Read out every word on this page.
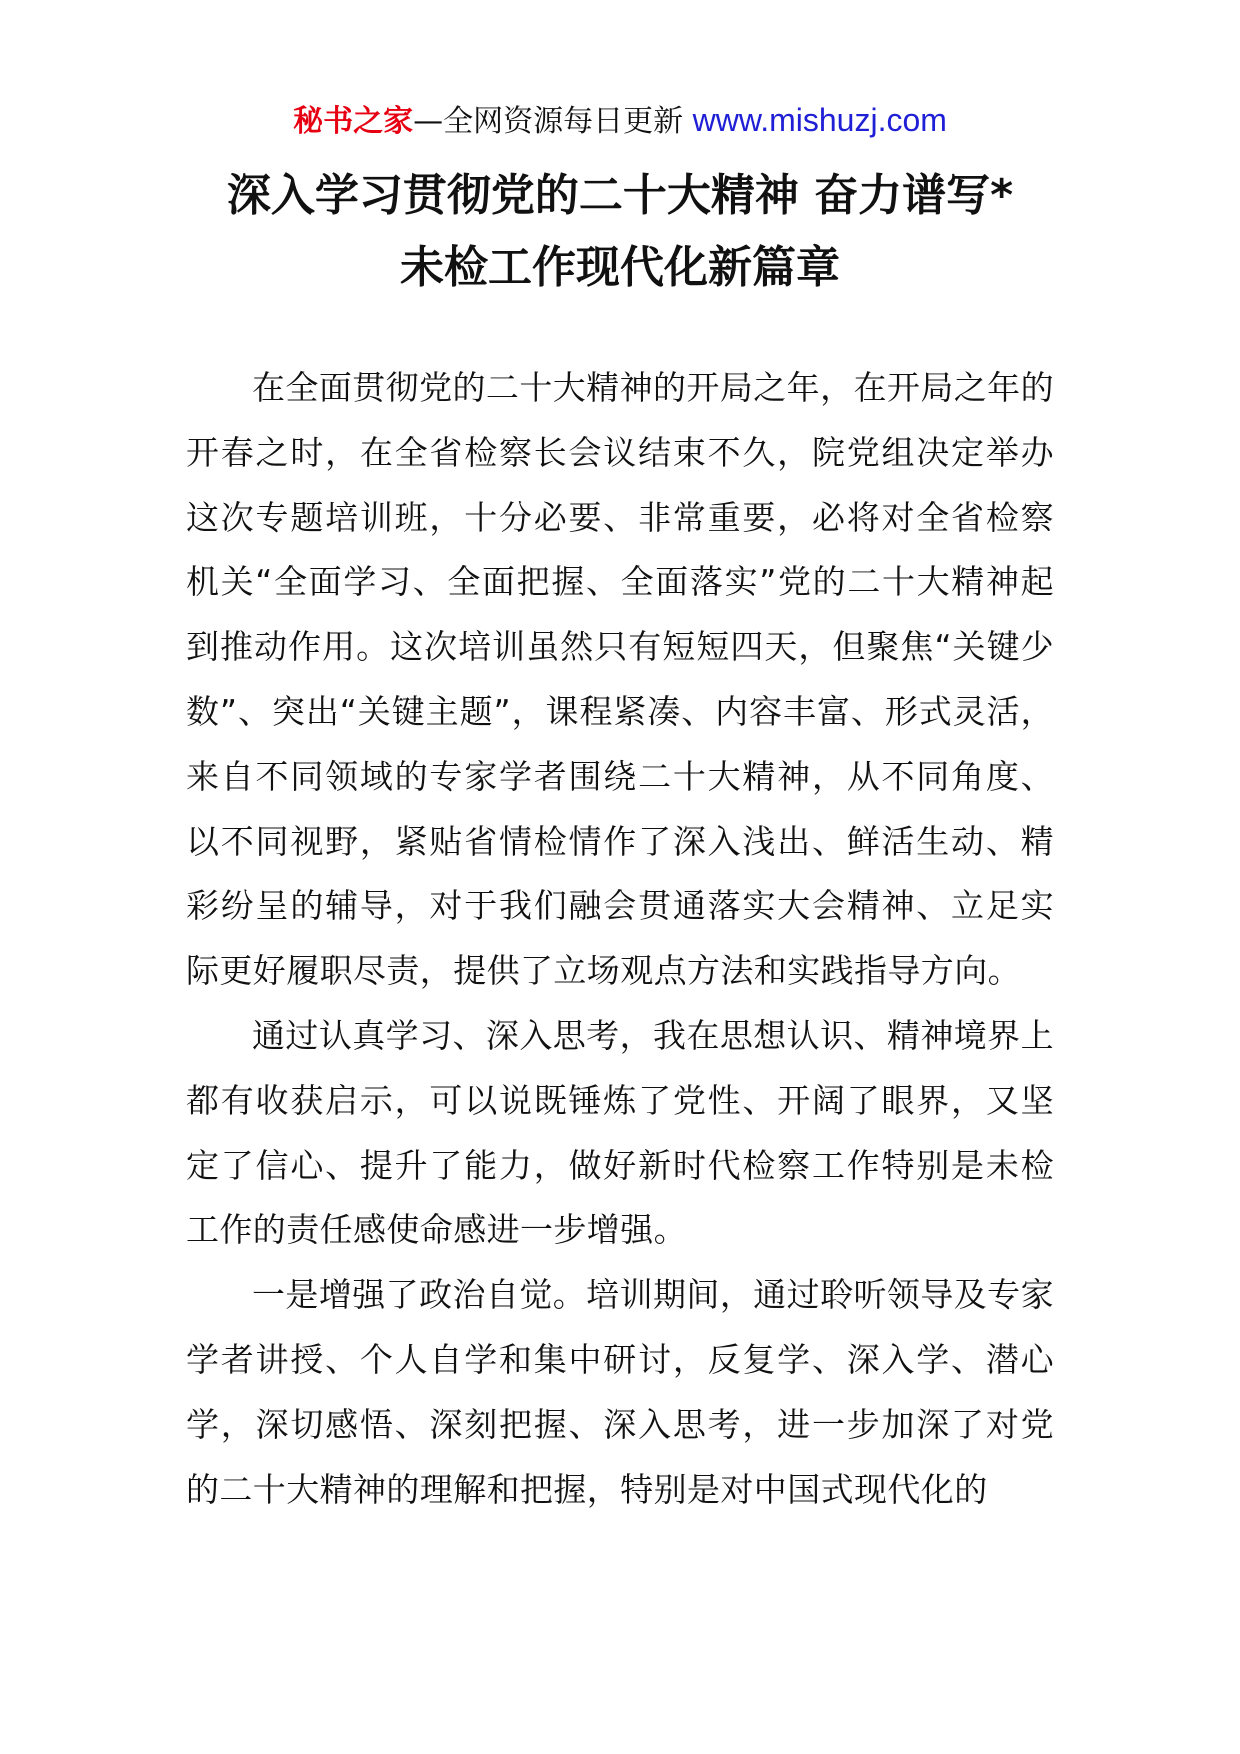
秘书之家—全网资源每日更新 www.mishuzj.com
深入学习贯彻党的二十大精神 奋力谱写*
未检工作现代化新篇章

在全面贯彻党的二十大精神的开局之年，在开局之年的开春之时，在全省检察长会议结束不久，院党组决定举办这次专题培训班，十分必要、非常重要，必将对全省检察机关“全面学习、全面把握、全面落实”党的二十大精神起到推动作用。这次培训虽然只有短短四天，但聚焦“关键少数”、突出“关键主题”，课程紧凑、内容丰富、形式灵活，来自不同领域的专家学者围绕二十大精神，从不同角度、以不同视野，紧贴省情检情作了深入浅出、鲜活生动、精彩纷呈的辅导，对于我们融会贯通落实大会精神、立足实际更好履职尽责，提供了立场观点方法和实践指导方向。

通过认真学习、深入思考，我在思想认识、精神境界上都有收获启示，可以说既锤炼了党性、开阔了眼界，又坚定了信心、提升了能力，做好新时代检察工作特别是未检工作的责任感使命感进一步增强。

一是增强了政治自觉。培训期间，通过聆听领导及专家学者讲授、个人自学和集中研讨，反复学、深入学、潜心学，深切感悟、深刻把握、深入思考，进一步加深了对党的二十大精神的理解和把握，特别是对中国式现代化的
